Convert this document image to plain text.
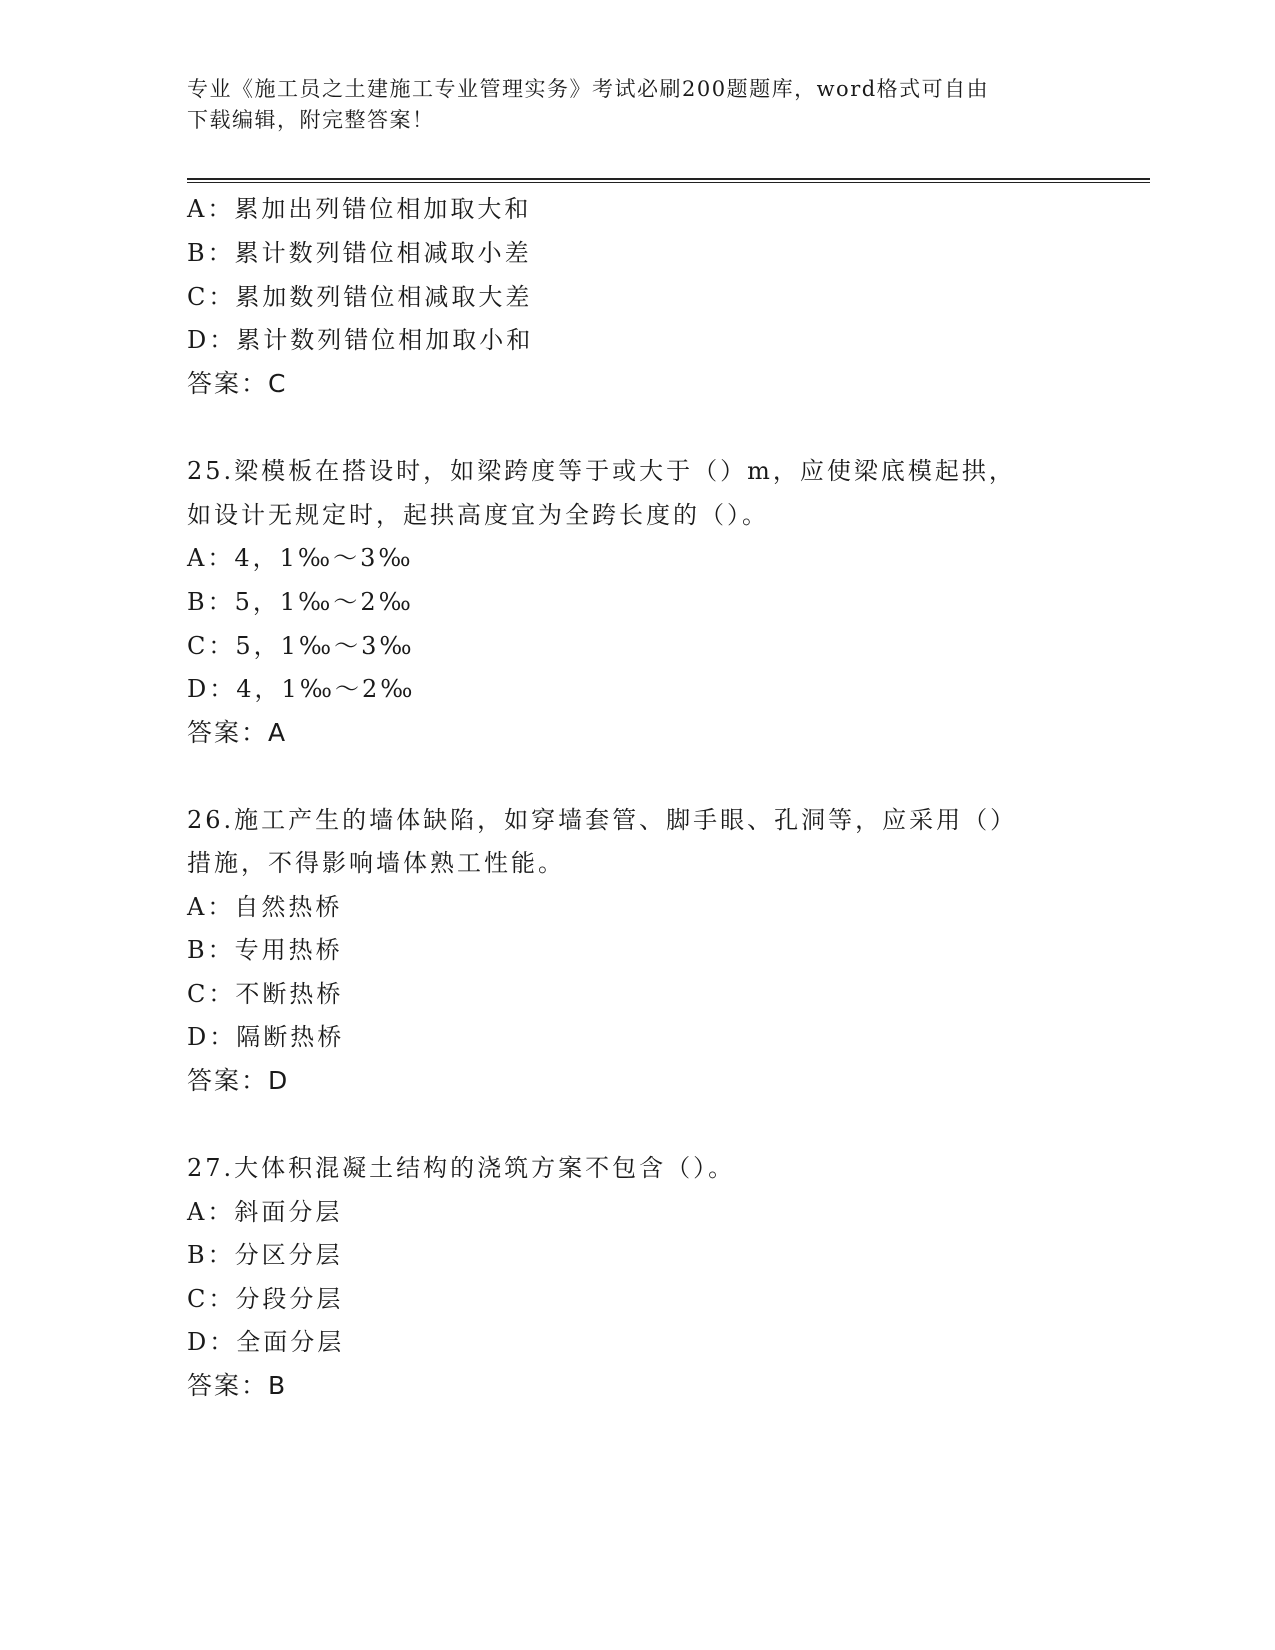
专业《施工员之土建施工专业管理实务》考试必刷200题题库，word格式可自由
下载编辑，附完整答案！
A：累加出列错位相加取大和
B：累计数列错位相减取小差
C：累加数列错位相减取大差
D：累计数列错位相加取小和
答案：C
25.梁模板在搭设时，如梁跨度等于或大于（）m，应使梁底模起拱，
如设计无规定时，起拱高度宜为全跨长度的（）。
A：4，1‰～3‰
B：5，1‰～2‰
C：5，1‰～3‰
D：4，1‰～2‰
答案：A
26.施工产生的墙体缺陷，如穿墙套管、脚手眼、孔洞等，应采用（）
措施，不得影响墙体熟工性能。
A：自然热桥
B：专用热桥
C：不断热桥
D：隔断热桥
答案：D
27.大体积混凝土结构的浇筑方案不包含（）。
A：斜面分层
B：分区分层
C：分段分层
D：全面分层
答案：B
